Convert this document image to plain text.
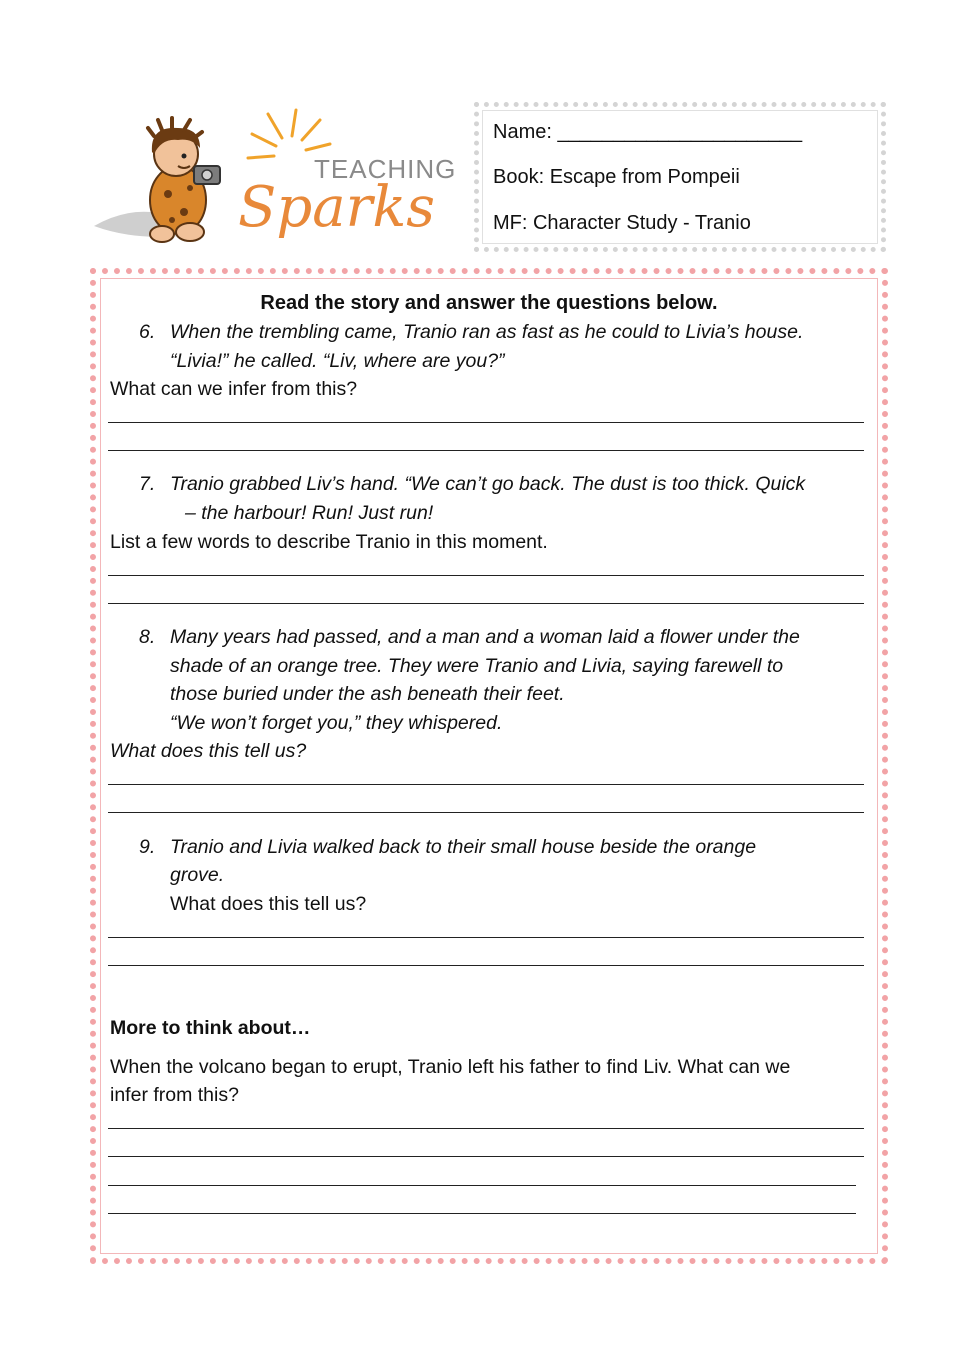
TEACHING
Sparks
Name: ______________________
Book: Escape from Pompeii
MF: Character Study - Tranio
Read the story and answer the questions below.
6. When the trembling came, Tranio ran as fast as he could to Livia’s house.
“Livia!” he called. “Liv, where are you?”
What can we infer from this?
7. Tranio grabbed Liv’s hand. “We can’t go back. The dust is too thick. Quick
– the harbour! Run! Just run!
List a few words to describe Tranio in this moment.
8. Many years had passed, and a man and a woman laid a flower under the
shade of an orange tree. They were Tranio and Livia, saying farewell to
those buried under the ash beneath their feet.
“We won’t forget you,” they whispered.
What does this tell us?
9. Tranio and Livia walked back to their small house beside the orange
grove.
What does this tell us?
More to think about…
When the volcano began to erupt, Tranio left his father to find Liv. What can we
infer from this?
